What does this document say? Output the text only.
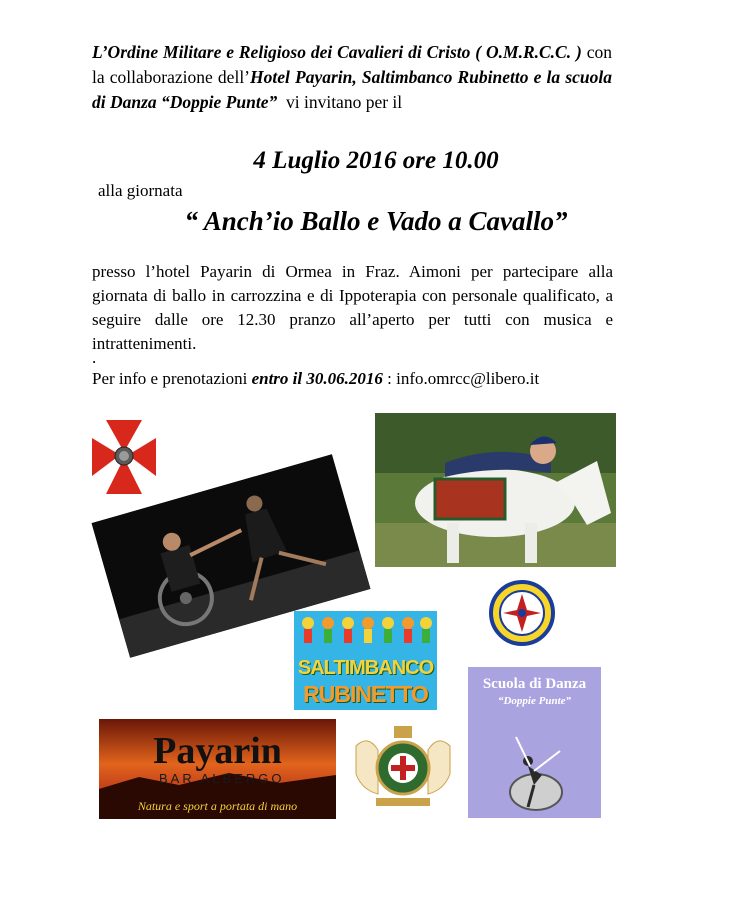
L’Ordine Militare e Religioso dei Cavalieri di Cristo ( O.M.R.C.C. ) con la collaborazione dell’Hotel Payarin, Saltimbanco Rubinetto e la scuola di Danza “Doppie Punte” vi invitano per il
4 Luglio 2016 ore 10.00
alla giornata
“ Anch’io Ballo e Vado a Cavallo”
presso l’hotel Payarin di Ormea in Fraz. Aimoni per partecipare alla giornata di ballo in carrozzina e di Ippoterapia con personale qualificato, a seguire dalle ore 12.30 pranzo all’aperto per tutti con musica e intrattenimenti.
.
Per info e prenotazioni entro il 30.06.2016 : info.omrcc@libero.it
SALTIMBANCO
RUBINETTO	Scuola di Danza
“Doppie Punte”
Payarin
BAR ALBERGO
Natura e sport a portata di mano
